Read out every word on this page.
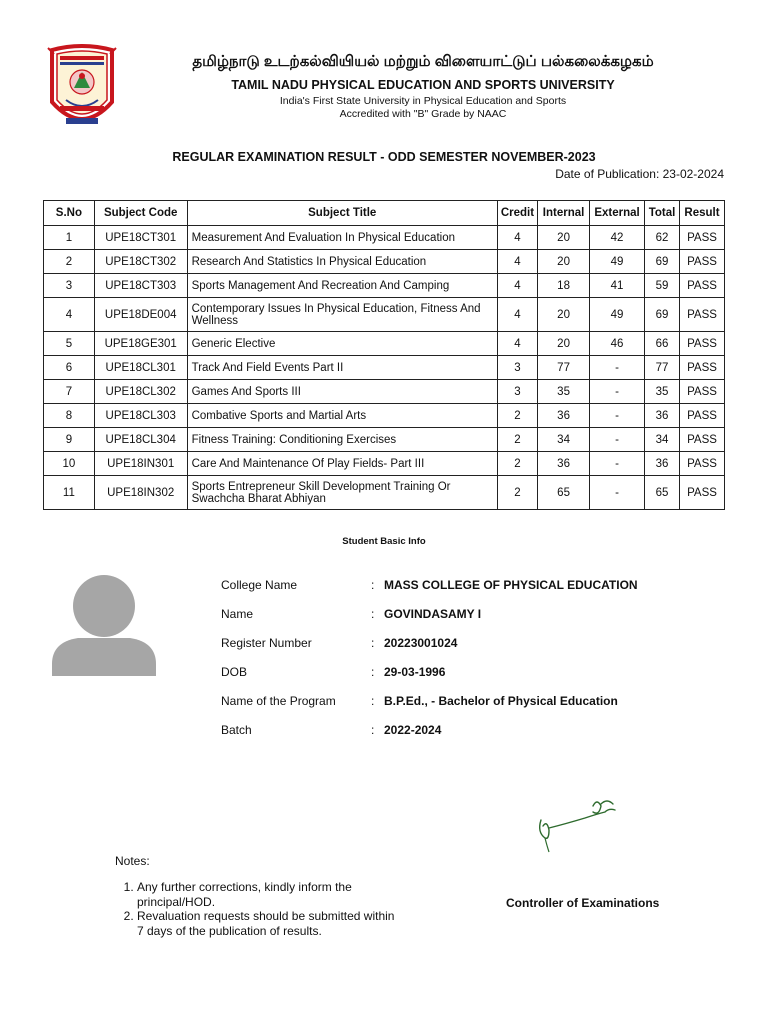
தமிழ்நாடு உடற்கல்வியியல் மற்றும் விளையாட்டுப் பல்கலைக்கழகம்
TAMIL NADU PHYSICAL EDUCATION AND SPORTS UNIVERSITY
India's First State University in Physical Education and Sports
Accredited with "B" Grade by NAAC
REGULAR EXAMINATION RESULT - ODD SEMESTER NOVEMBER-2023
Date of Publication: 23-02-2024
S.No	Subject Code	Subject Title	Credit	Internal	External	Total	Result
1	UPE18CT301	Measurement And Evaluation In Physical Education	4	20	42	62	PASS
2	UPE18CT302	Research And Statistics In Physical Education	4	20	49	69	PASS
3	UPE18CT303	Sports Management And Recreation And Camping	4	18	41	59	PASS
4	UPE18DE004	Contemporary Issues In Physical Education, Fitness And Wellness	4	20	49	69	PASS
5	UPE18GE301	Generic Elective	4	20	46	66	PASS
6	UPE18CL301	Track And Field Events Part II	3	77	-	77	PASS
7	UPE18CL302	Games And Sports III	3	35	-	35	PASS
8	UPE18CL303	Combative Sports and Martial Arts	2	36	-	36	PASS
9	UPE18CL304	Fitness Training: Conditioning Exercises	2	34	-	34	PASS
10	UPE18IN301	Care And Maintenance Of Play Fields- Part III	2	36	-	36	PASS
11	UPE18IN302	Sports Entrepreneur Skill Development Training Or Swachcha Bharat Abhiyan	2	65	-	65	PASS
Student Basic Info
College Name	: MASS COLLEGE OF PHYSICAL EDUCATION
Name	: GOVINDASAMY I
Register Number	: 20223001024
DOB	: 29-03-1996
Name of the Program	: B.P.Ed., - Bachelor of Physical Education
Batch	: 2022-2024
Notes:
1. Any further corrections, kindly inform the principal/HOD.
2. Revaluation requests should be submitted within 7 days of the publication of results.
Controller of Examinations
